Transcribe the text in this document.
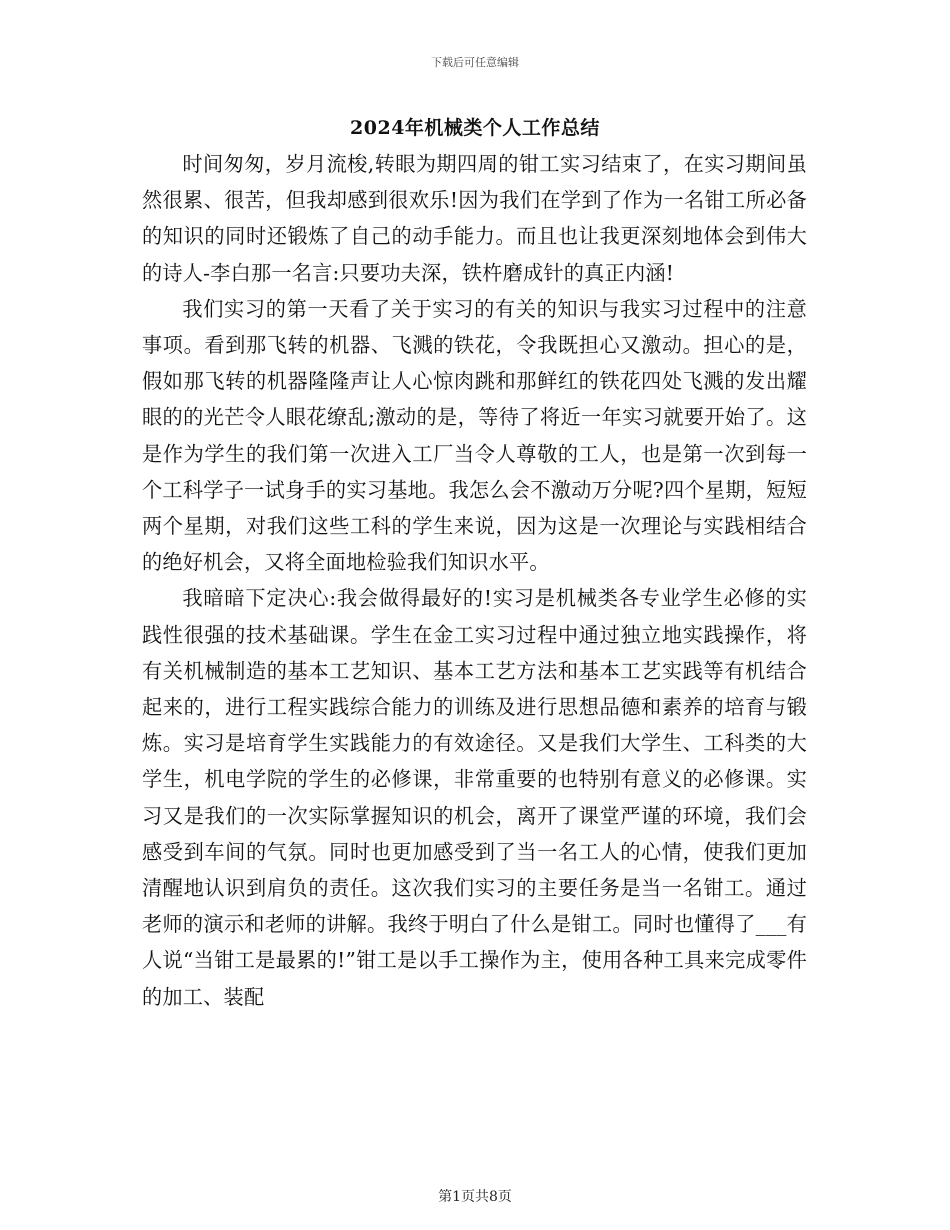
下载后可任意编辑
2024年机械类个人工作总结

时间匆匆，岁月流梭,转眼为期四周的钳工实习结束了，在实习期间虽然很累、很苦，但我却感到很欢乐!因为我们在学到了作为一名钳工所必备的知识的同时还锻炼了自己的动手能力。而且也让我更深刻地体会到伟大的诗人-李白那一名言:只要功夫深，铁杵磨成针的真正内涵!

我们实习的第一天看了关于实习的有关的知识与我实习过程中的注意事项。看到那飞转的机器、飞溅的铁花，令我既担心又激动。担心的是，假如那飞转的机器隆隆声让人心惊肉跳和那鲜红的铁花四处飞溅的发出耀眼的的光芒令人眼花缭乱;激动的是，等待了将近一年实习就要开始了。这是作为学生的我们第一次进入工厂当令人尊敬的工人，也是第一次到每一个工科学子一试身手的实习基地。我怎么会不激动万分呢?四个星期，短短两个星期，对我们这些工科的学生来说，因为这是一次理论与实践相结合的绝好机会，又将全面地检验我们知识水平。

我暗暗下定决心:我会做得最好的!实习是机械类各专业学生必修的实践性很强的技术基础课。学生在金工实习过程中通过独立地实践操作，将有关机械制造的基本工艺知识、基本工艺方法和基本工艺实践等有机结合起来的，进行工程实践综合能力的训练及进行思想品德和素养的培育与锻炼。实习是培育学生实践能力的有效途径。又是我们大学生、工科类的大学生，机电学院的学生的必修课，非常重要的也特别有意义的必修课。实习又是我们的一次实际掌握知识的机会，离开了课堂严谨的环境，我们会感受到车间的气氛。同时也更加感受到了当一名工人的心情，使我们更加清醒地认识到肩负的责任。这次我们实习的主要任务是当一名钳工。通过老师的演示和老师的讲解。我终于明白了什么是钳工。同时也懂得了___有人说“当钳工是最累的!”钳工是以手工操作为主，使用各种工具来完成零件的加工、装配

第1页共8页
